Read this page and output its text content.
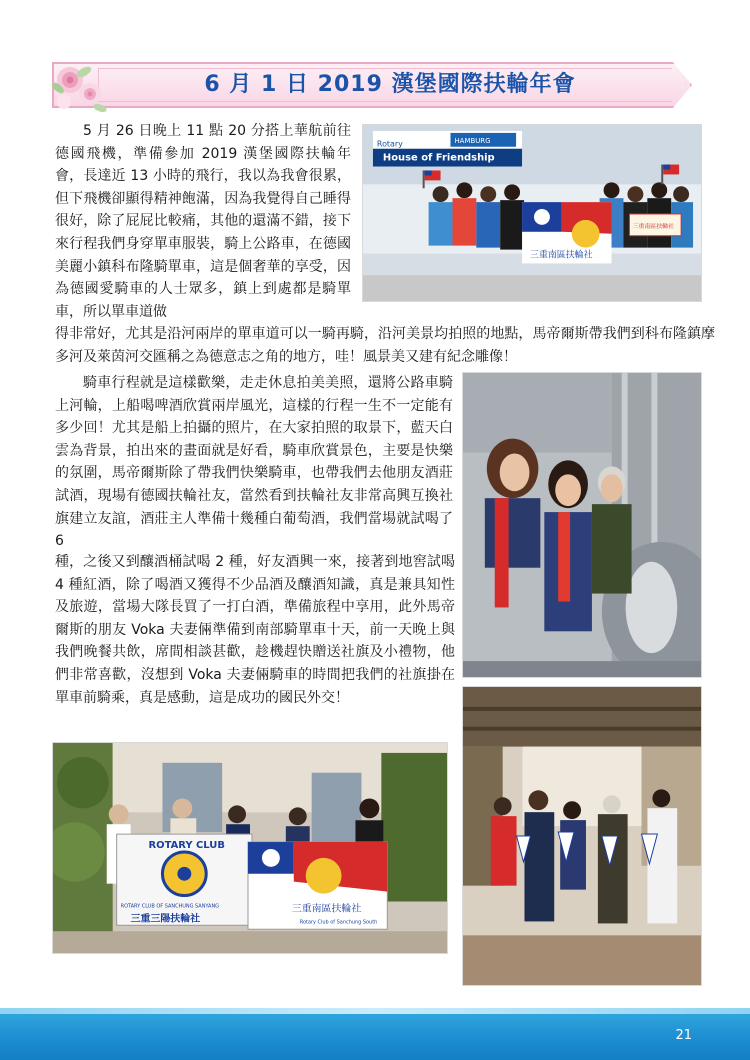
6 月 1 日 2019 漢堡國際扶輪年會

5 月 26 日晚上 11 點 20 分搭上華航前往德國飛機，準備參加 2019 漢堡國際扶輪年會，長達近 13 小時的飛行，我以為我會很累，但下飛機卻顯得精神飽滿，因為我覺得自己睡得很好，除了屁屁比較痛，其他的還滿不錯，接下來行程我們身穿單車服裝，騎上公路車，在德國美麗小鎮科布隆騎單車，這是個奢華的享受，因為德國愛騎車的人士眾多，鎮上到處都是騎單車，所以單車道做

得非常好，尤其是沿河兩岸的單車道可以一騎再騎，沿河美景均拍照的地點，馬帝爾斯帶我們到科布隆鎮摩多河及萊茵河交匯稱之為德意志之角的地方，哇！風景美又建有紀念雕像！

騎車行程就是這樣歡樂，走走休息拍美美照，還將公路車騎上河輪，上船喝啤酒欣賞兩岸風光，這樣的行程一生不一定能有多少回！尤其是船上拍攝的照片，在大家拍照的取景下，藍天白雲為背景，拍出來的畫面就是好看，騎車欣賞景色，主要是快樂的氛圍，馬帝爾斯除了帶我們快樂騎車，也帶我們去他朋友酒莊試酒，現場有德國扶輪社友，當然看到扶輪社友非常高興互換社旗建立友誼，酒莊主人準備十幾種白葡萄酒，我們當場就試喝了 6

種，之後又到釀酒桶試喝 2 種，好友酒興一來，接著到地窖試喝 4 種紅酒，除了喝酒又獲得不少品酒及釀酒知識，真是兼具知性及旅遊，當場大隊長買了一打白酒，準備旅程中享用，此外馬帝爾斯的朋友 Voka 夫妻倆準備到南部騎單車十天，前一天晚上與我們晚餐共飲，席間相談甚歡，趁機趕快贈送社旗及小禮物，他們非常喜歡，沒想到 Voka 夫妻倆騎車的時間把我們的社旗掛在單車前騎乘，真是感動，這是成功的國民外交！

Rotary	HAMBURG
House of Friendship
三重南區扶輪社
三重南區扶輪社
ROTARY CLUB
ROTARY CLUB OF SANCHUNG SANYANG
三重三陽扶輪社
三重南區扶輪社
Rotary Club of Sanchung South
21
